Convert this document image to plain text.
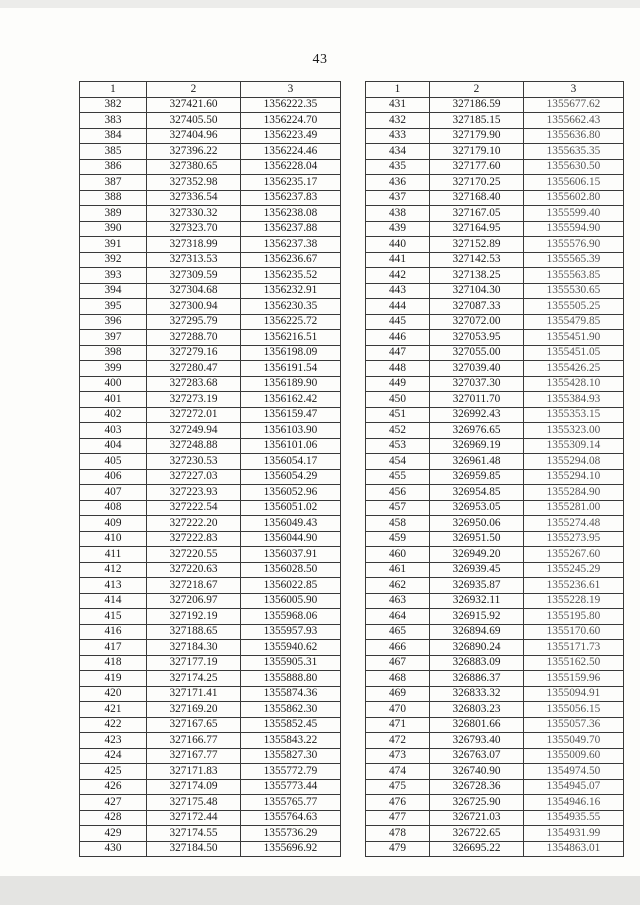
43
1	2	3
382	327421.60	1356222.35
383	327405.50	1356224.70
384	327404.96	1356223.49
385	327396.22	1356224.46
386	327380.65	1356228.04
387	327352.98	1356235.17
388	327336.54	1356237.83
389	327330.32	1356238.08
390	327323.70	1356237.88
391	327318.99	1356237.38
392	327313.53	1356236.67
393	327309.59	1356235.52
394	327304.68	1356232.91
395	327300.94	1356230.35
396	327295.79	1356225.72
397	327288.70	1356216.51
398	327279.16	1356198.09
399	327280.47	1356191.54
400	327283.68	1356189.90
401	327273.19	1356162.42
402	327272.01	1356159.47
403	327249.94	1356103.90
404	327248.88	1356101.06
405	327230.53	1356054.17
406	327227.03	1356054.29
407	327223.93	1356052.96
408	327222.54	1356051.02
409	327222.20	1356049.43
410	327222.83	1356044.90
411	327220.55	1356037.91
412	327220.63	1356028.50
413	327218.67	1356022.85
414	327206.97	1356005.90
415	327192.19	1355968.06
416	327188.65	1355957.93
417	327184.30	1355940.62
418	327177.19	1355905.31
419	327174.25	1355888.80
420	327171.41	1355874.36
421	327169.20	1355862.30
422	327167.65	1355852.45
423	327166.77	1355843.22
424	327167.77	1355827.30
425	327171.83	1355772.79
426	327174.09	1355773.44
427	327175.48	1355765.77
428	327172.44	1355764.63
429	327174.55	1355736.29
430	327184.50	1355696.92
1	2	3
431	327186.59	1355677.62
432	327185.15	1355662.43
433	327179.90	1355636.80
434	327179.10	1355635.35
435	327177.60	1355630.50
436	327170.25	1355606.15
437	327168.40	1355602.80
438	327167.05	1355599.40
439	327164.95	1355594.90
440	327152.89	1355576.90
441	327142.53	1355565.39
442	327138.25	1355563.85
443	327104.30	1355530.65
444	327087.33	1355505.25
445	327072.00	1355479.85
446	327053.95	1355451.90
447	327055.00	1355451.05
448	327039.40	1355426.25
449	327037.30	1355428.10
450	327011.70	1355384.93
451	326992.43	1355353.15
452	326976.65	1355323.00
453	326969.19	1355309.14
454	326961.48	1355294.08
455	326959.85	1355294.10
456	326954.85	1355284.90
457	326953.05	1355281.00
458	326950.06	1355274.48
459	326951.50	1355273.95
460	326949.20	1355267.60
461	326939.45	1355245.29
462	326935.87	1355236.61
463	326932.11	1355228.19
464	326915.92	1355195.80
465	326894.69	1355170.60
466	326890.24	1355171.73
467	326883.09	1355162.50
468	326886.37	1355159.96
469	326833.32	1355094.91
470	326803.23	1355056.15
471	326801.66	1355057.36
472	326793.40	1355049.70
473	326763.07	1355009.60
474	326740.90	1354974.50
475	326728.36	1354945.07
476	326725.90	1354946.16
477	326721.03	1354935.55
478	326722.65	1354931.99
479	326695.22	1354863.01
